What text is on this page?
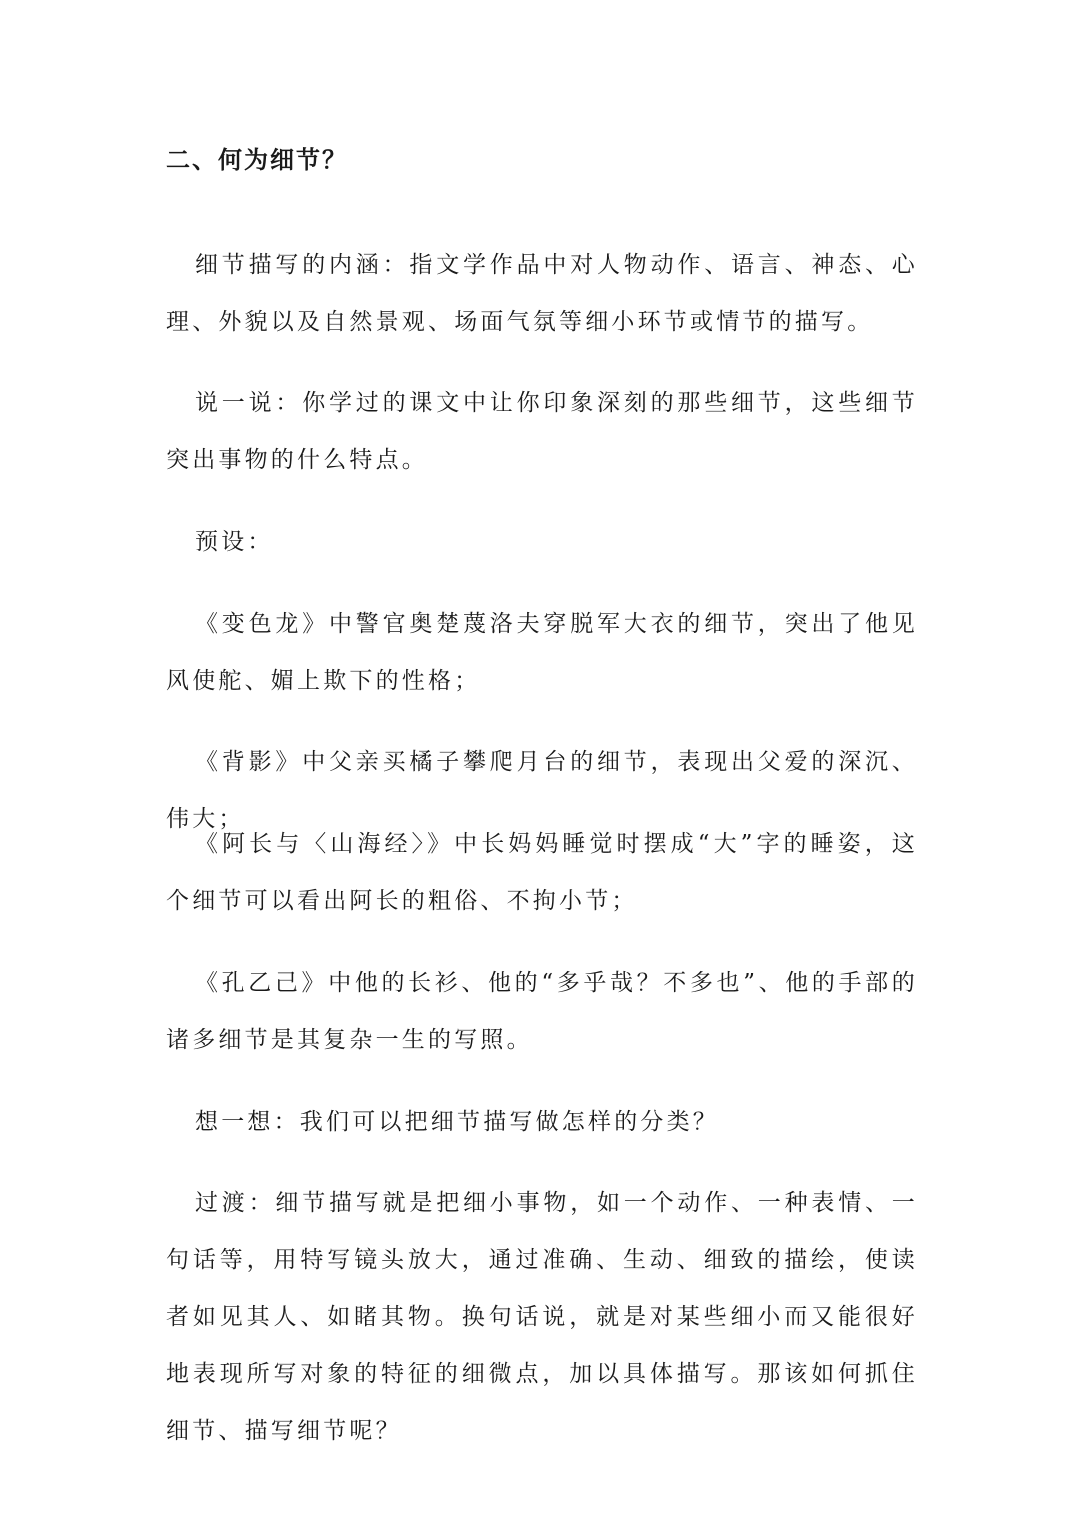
二、何为细节？

细节描写的内涵：指文学作品中对人物动作、语言、神态、心理、外貌以及自然景观、场面气氛等细小环节或情节的描写。

说一说：你学过的课文中让你印象深刻的那些细节，这些细节突出事物的什么特点。

预设：

《变色龙》中警官奥楚蔑洛夫穿脱军大衣的细节，突出了他见风使舵、媚上欺下的性格；

《背影》中父亲买橘子攀爬月台的细节，表现出父爱的深沉、伟大；

《阿长与〈山海经〉》中长妈妈睡觉时摆成“大”字的睡姿，这个细节可以看出阿长的粗俗、不拘小节；

《孔乙己》中他的长衫、他的“多乎哉？不多也”、他的手部的诸多细节是其复杂一生的写照。

想一想：我们可以把细节描写做怎样的分类？

过渡：细节描写就是把细小事物，如一个动作、一种表情、一句话等，用特写镜头放大，通过准确、生动、细致的描绘，使读者如见其人、如睹其物。换句话说，就是对某些细小而又能很好地表现所写对象的特征的细微点，加以具体描写。那该如何抓住细节、描写细节呢？
